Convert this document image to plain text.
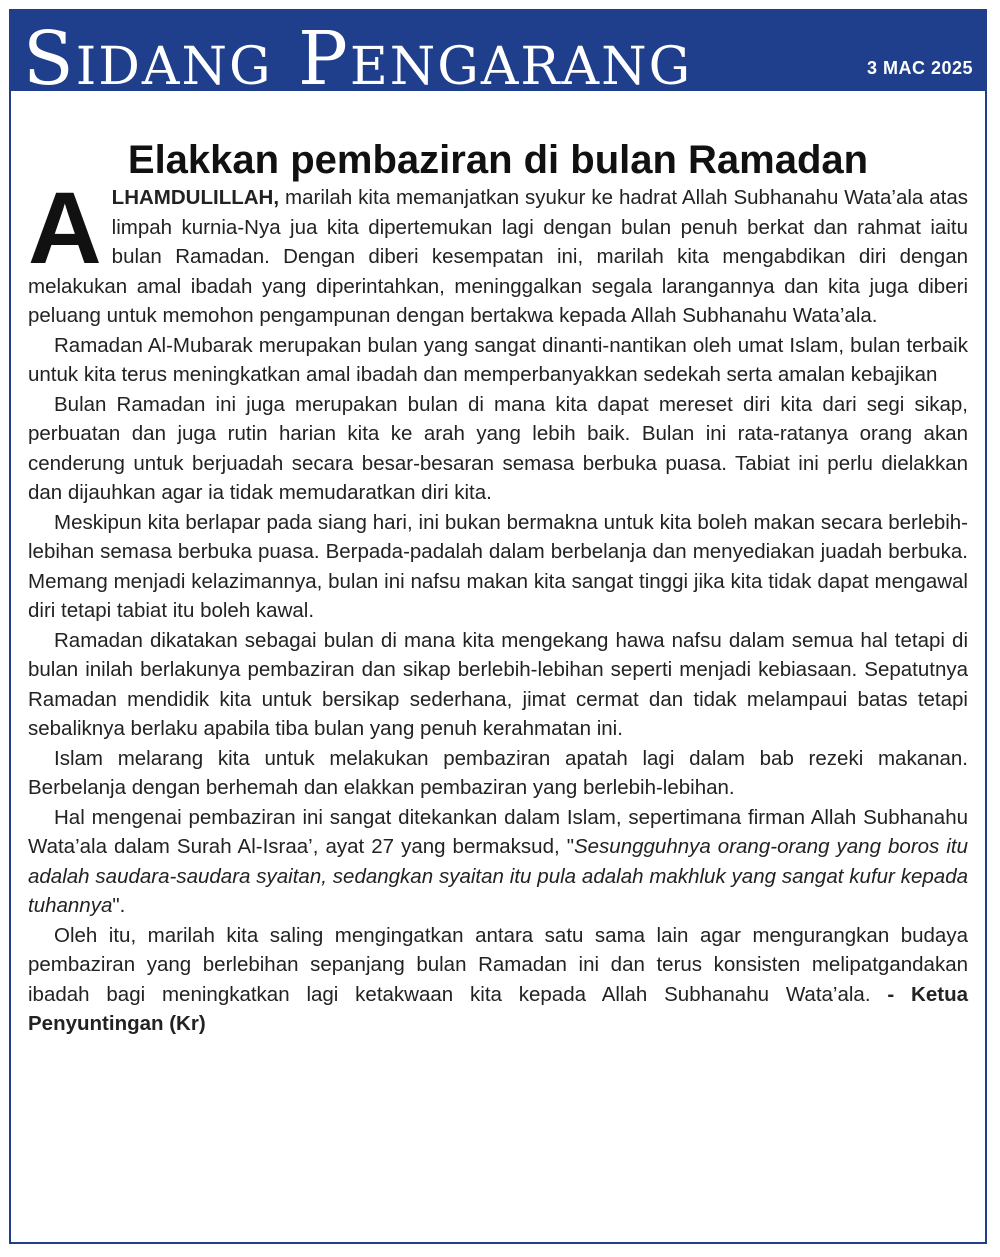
Sidang Pengarang	3 MAC 2025
Elakkan pembaziran di bulan Ramadan

ALHAMDULILLAH, marilah kita memanjatkan syukur ke hadrat Allah Subhanahu Wata’ala atas limpah kurnia-Nya jua kita dipertemukan lagi dengan bulan penuh berkat dan rahmat iaitu bulan Ramadan. Dengan diberi kesempatan ini, marilah kita mengabdikan diri dengan melakukan amal ibadah yang diperintahkan, meninggalkan segala larangannya dan kita juga diberi peluang untuk memohon pengampunan dengan bertakwa kepada Allah Subhanahu Wata’ala.

Ramadan Al-Mubarak merupakan bulan yang sangat dinanti-nantikan oleh umat Islam, bulan terbaik untuk kita terus meningkatkan amal ibadah dan memperbanyakkan sedekah serta amalan kebajikan

Bulan Ramadan ini juga merupakan bulan di mana kita dapat mereset diri kita dari segi sikap, perbuatan dan juga rutin harian kita ke arah yang lebih baik. Bulan ini rata-ratanya orang akan cenderung untuk berjuadah secara besar-besaran semasa berbuka puasa. Tabiat ini perlu dielakkan dan dijauhkan agar ia tidak memudaratkan diri kita.

Meskipun kita berlapar pada siang hari, ini bukan bermakna untuk kita boleh makan secara berlebih-lebihan semasa berbuka puasa. Berpada-padalah dalam berbelanja dan menyediakan juadah berbuka. Memang menjadi kelazimannya, bulan ini nafsu makan kita sangat tinggi jika kita tidak dapat mengawal diri tetapi tabiat itu boleh kawal.

Ramadan dikatakan sebagai bulan di mana kita mengekang hawa nafsu dalam semua hal tetapi di bulan inilah berlakunya pembaziran dan sikap berlebih-lebihan seperti menjadi kebiasaan. Sepatutnya Ramadan mendidik kita untuk bersikap sederhana, jimat cermat dan tidak melampaui batas tetapi sebaliknya berlaku apabila tiba bulan yang penuh kerahmatan ini.

Islam melarang kita untuk melakukan pembaziran apatah lagi dalam bab rezeki makanan. Berbelanja dengan berhemah dan elakkan pembaziran yang berlebih-lebihan.

Hal mengenai pembaziran ini sangat ditekankan dalam Islam, sepertimana firman Allah Subhanahu Wata’ala dalam Surah Al-Israa’, ayat 27 yang bermaksud, "Sesungguhnya orang-orang yang boros itu adalah saudara-saudara syaitan, sedangkan syaitan itu pula adalah makhluk yang sangat kufur kepada tuhannya".

Oleh itu, marilah kita saling mengingatkan antara satu sama lain agar mengurangkan budaya pembaziran yang berlebihan sepanjang bulan Ramadan ini dan terus konsisten melipatgandakan ibadah bagi meningkatkan lagi ketakwaan kita kepada Allah Subhanahu Wata’ala. - Ketua Penyuntingan (Kr)
